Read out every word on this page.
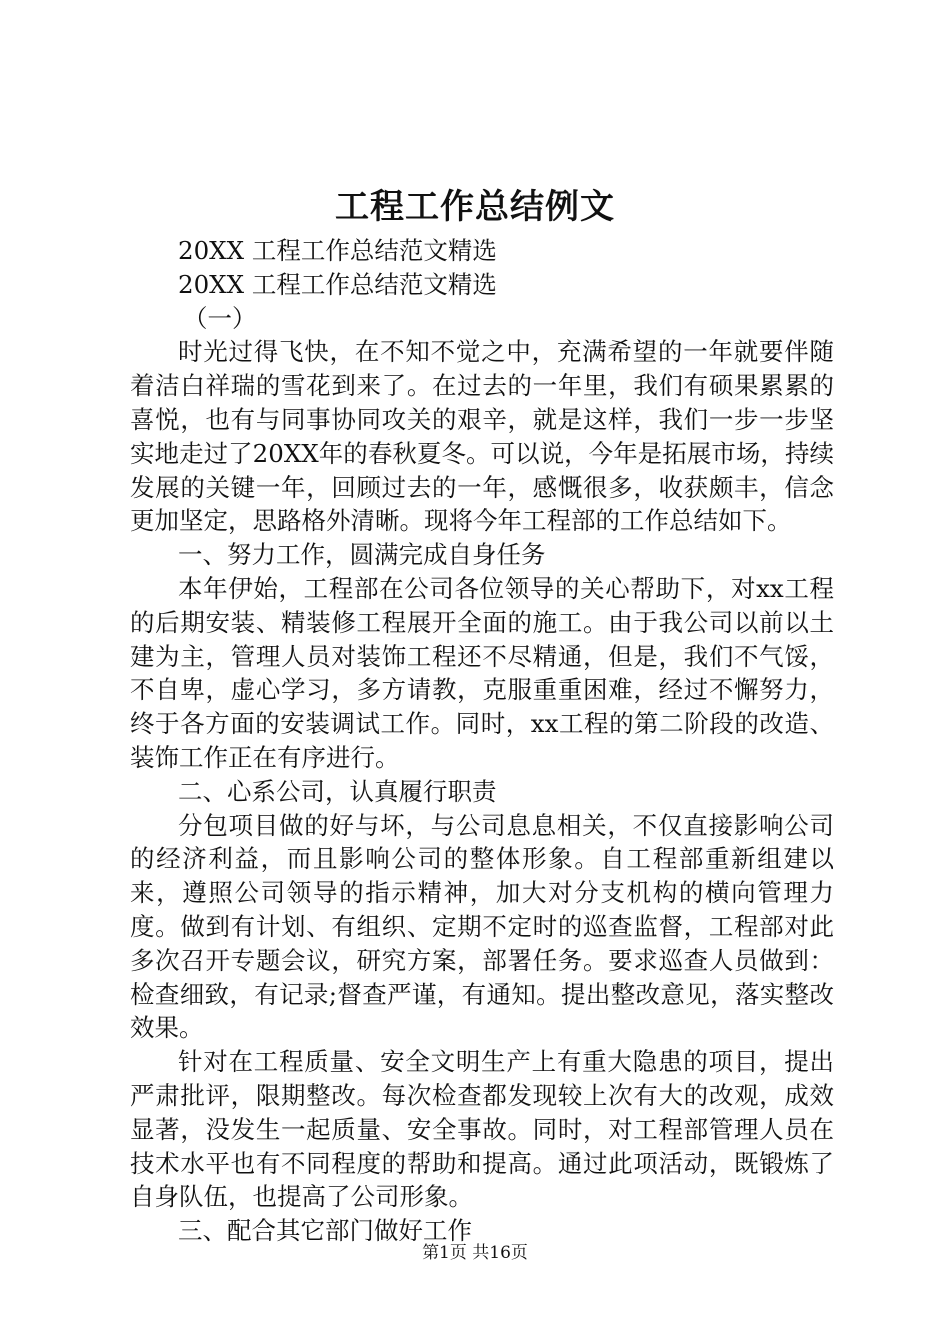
工程工作总结例文

20XX 工程工作总结范文精选

20XX 工程工作总结范文精选

（一）

时光过得飞快，在不知不觉之中，充满希望的一年就要伴随着洁白祥瑞的雪花到来了。在过去的一年里，我们有硕果累累的喜悦，也有与同事协同攻关的艰辛，就是这样，我们一步一步坚实地走过了20XX年的春秋夏冬。可以说，今年是拓展市场，持续发展的关键一年，回顾过去的一年，感慨很多，收获颇丰，信念更加坚定，思路格外清晰。现将今年工程部的工作总结如下。

一、努力工作，圆满完成自身任务

本年伊始，工程部在公司各位领导的关心帮助下，对xx工程的后期安装、精装修工程展开全面的施工。由于我公司以前以土建为主，管理人员对装饰工程还不尽精通，但是，我们不气馁，不自卑，虚心学习，多方请教，克服重重困难，经过不懈努力，终于各方面的安装调试工作。同时，xx工程的第二阶段的改造、装饰工作正在有序进行。

二、心系公司，认真履行职责

分包项目做的好与坏，与公司息息相关，不仅直接影响公司的经济利益，而且影响公司的整体形象。自工程部重新组建以来，遵照公司领导的指示精神，加大对分支机构的横向管理力度。做到有计划、有组织、定期不定时的巡查监督，工程部对此多次召开专题会议，研究方案，部署任务。要求巡查人员做到：检查细致，有记录;督查严谨，有通知。提出整改意见，落实整改效果。

针对在工程质量、安全文明生产上有重大隐患的项目，提出严肃批评，限期整改。每次检查都发现较上次有大的改观，成效显著，没发生一起质量、安全事故。同时，对工程部管理人员在技术水平也有不同程度的帮助和提高。通过此项活动，既锻炼了自身队伍，也提高了公司形象。

三、配合其它部门做好工作

第1页 共16页
